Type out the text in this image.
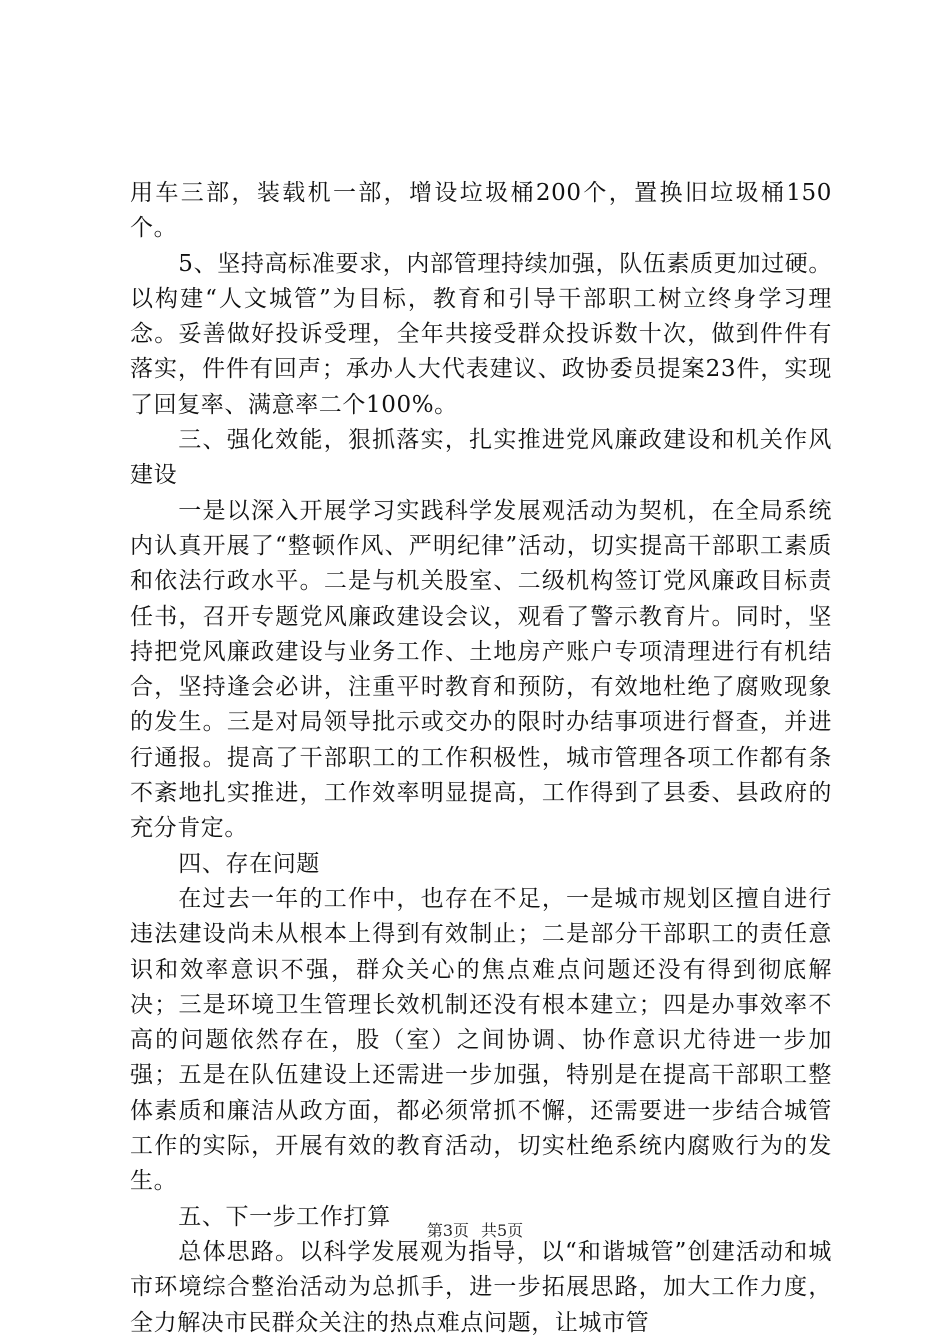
用车三部，装载机一部，增设垃圾桶200个，置换旧垃圾桶150个。

5、坚持高标准要求，内部管理持续加强，队伍素质更加过硬。以构建“人文城管”为目标，教育和引导干部职工树立终身学习理念。妥善做好投诉受理，全年共接受群众投诉数十次，做到件件有落实，件件有回声；承办人大代表建议、政协委员提案23件，实现了回复率、满意率二个100%。

三、强化效能，狠抓落实，扎实推进党风廉政建设和机关作风建设

一是以深入开展学习实践科学发展观活动为契机，在全局系统内认真开展了“整顿作风、严明纪律”活动，切实提高干部职工素质和依法行政水平。二是与机关股室、二级机构签订党风廉政目标责任书，召开专题党风廉政建设会议，观看了警示教育片。同时，坚持把党风廉政建设与业务工作、土地房产账户专项清理进行有机结合，坚持逢会必讲，注重平时教育和预防，有效地杜绝了腐败现象的发生。三是对局领导批示或交办的限时办结事项进行督查，并进行通报。提高了干部职工的工作积极性，城市管理各项工作都有条不紊地扎实推进，工作效率明显提高，工作得到了县委、县政府的充分肯定。

四、存在问题

在过去一年的工作中，也存在不足，一是城市规划区擅自进行违法建设尚未从根本上得到有效制止；二是部分干部职工的责任意识和效率意识不强，群众关心的焦点难点问题还没有得到彻底解决；三是环境卫生管理长效机制还没有根本建立；四是办事效率不高的问题依然存在，股（室）之间协调、协作意识尤待进一步加强；五是在队伍建设上还需进一步加强，特别是在提高干部职工整体素质和廉洁从政方面，都必须常抓不懈，还需要进一步结合城管工作的实际，开展有效的教育活动，切实杜绝系统内腐败行为的发生。

五、下一步工作打算

总体思路。以科学发展观为指导，以“和谐城管”创建活动和城市环境综合整治活动为总抓手，进一步拓展思路，加大工作力度，全力解决市民群众关注的热点难点问题，让城市管

第3页 共5页
